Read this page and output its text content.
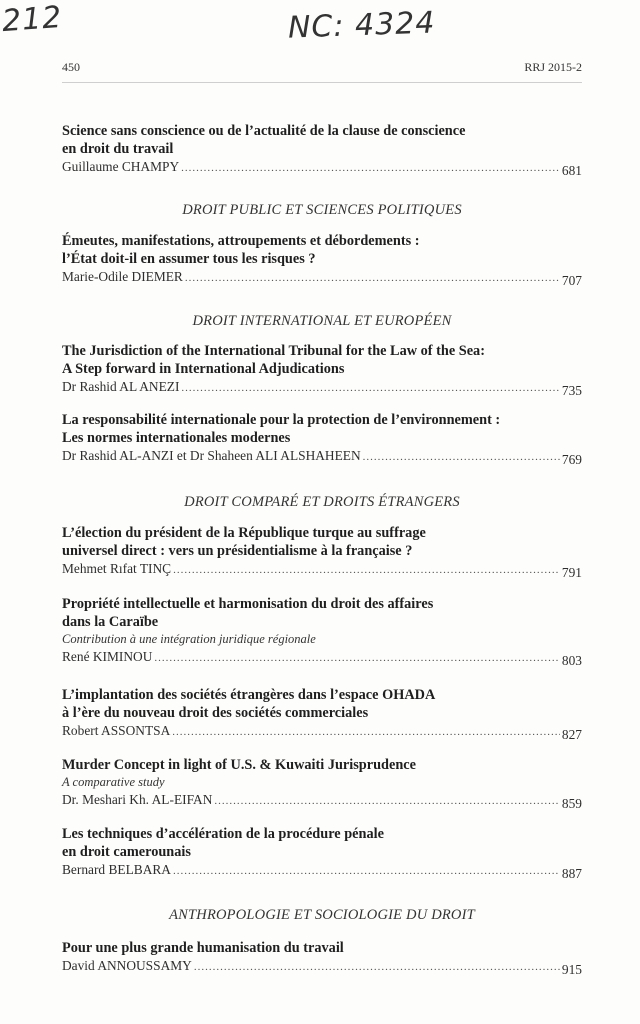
212	NC: 4324
450	RRJ 2015-2
Science sans conscience ou de l’actualité de la clause de conscience
en droit du travail
Guillaume CHAMPY .....	681
DROIT PUBLIC ET SCIENCES POLITIQUES
Émeutes, manifestations, attroupements et débordements :
l’État doit-il en assumer tous les risques ?
Marie-Odile DIEMER .....	707
DROIT INTERNATIONAL ET EUROPÉEN
The Jurisdiction of the International Tribunal for the Law of the Sea:
A Step forward in International Adjudications
Dr Rashid AL ANEZI .....	735
La responsabilité internationale pour la protection de l’environnement :
Les normes internationales modernes
Dr Rashid AL-ANZI et Dr Shaheen ALI ALSHAHEEN .....	769
DROIT COMPARÉ ET DROITS ÉTRANGERS
L’élection du président de la République turque au suffrage
universel direct : vers un présidentialisme à la française ?
Mehmet Rıfat TINÇ .....	791
Propriété intellectuelle et harmonisation du droit des affaires
dans la Caraïbe
Contribution à une intégration juridique régionale
René KIMINOU .....	803
L’implantation des sociétés étrangères dans l’espace OHADA
à l’ère du nouveau droit des sociétés commerciales
Robert ASSONTSA .....	827
Murder Concept in light of U.S. & Kuwaiti Jurisprudence
A comparative study
Dr. Meshari Kh. AL-EIFAN .....	859
Les techniques d’accélération de la procédure pénale
en droit camerounais
Bernard BELBARA .....	887
ANTHROPOLOGIE ET SOCIOLOGIE DU DROIT
Pour une plus grande humanisation du travail
David ANNOUSSAMY .....	915
